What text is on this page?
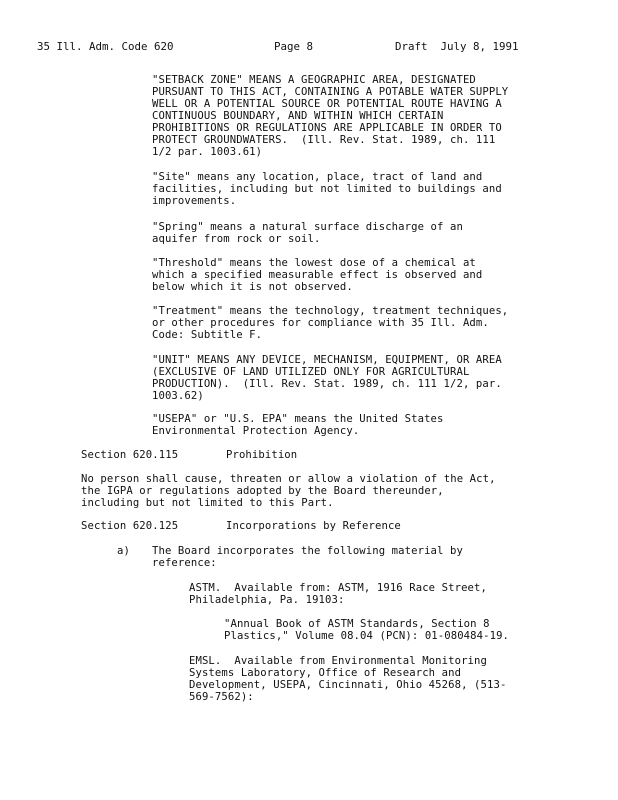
35 Ill. Adm. Code 620	Page 8	Draft  July 8, 1991
"SETBACK ZONE" MEANS A GEOGRAPHIC AREA, DESIGNATED
PURSUANT TO THIS ACT, CONTAINING A POTABLE WATER SUPPLY
WELL OR A POTENTIAL SOURCE OR POTENTIAL ROUTE HAVING A
CONTINUOUS BOUNDARY, AND WITHIN WHICH CERTAIN
PROHIBITIONS OR REGULATIONS ARE APPLICABLE IN ORDER TO
PROTECT GROUNDWATERS.  (Ill. Rev. Stat. 1989, ch. 111
1/2 par. 1003.61)
"Site" means any location, place, tract of land and
facilities, including but not limited to buildings and
improvements.
"Spring" means a natural surface discharge of an
aquifer from rock or soil.
"Threshold" means the lowest dose of a chemical at
which a specified measurable effect is observed and
below which it is not observed.
"Treatment" means the technology, treatment techniques,
or other procedures for compliance with 35 Ill. Adm.
Code: Subtitle F.
"UNIT" MEANS ANY DEVICE, MECHANISM, EQUIPMENT, OR AREA
(EXCLUSIVE OF LAND UTILIZED ONLY FOR AGRICULTURAL
PRODUCTION).  (Ill. Rev. Stat. 1989, ch. 111 1/2, par.
1003.62)
"USEPA" or "U.S. EPA" means the United States
Environmental Protection Agency.
Section 620.115	Prohibition
No person shall cause, threaten or allow a violation of the Act,
the IGPA or regulations adopted by the Board thereunder,
including but not limited to this Part.
Section 620.125	Incorporations by Reference
a) The Board incorporates the following material by
reference:
ASTM.  Available from: ASTM, 1916 Race Street,
Philadelphia, Pa. 19103:
"Annual Book of ASTM Standards, Section 8
Plastics," Volume 08.04 (PCN): 01-080484-19.
EMSL.  Available from Environmental Monitoring
Systems Laboratory, Office of Research and
Development, USEPA, Cincinnati, Ohio 45268, (513-
569-7562):
